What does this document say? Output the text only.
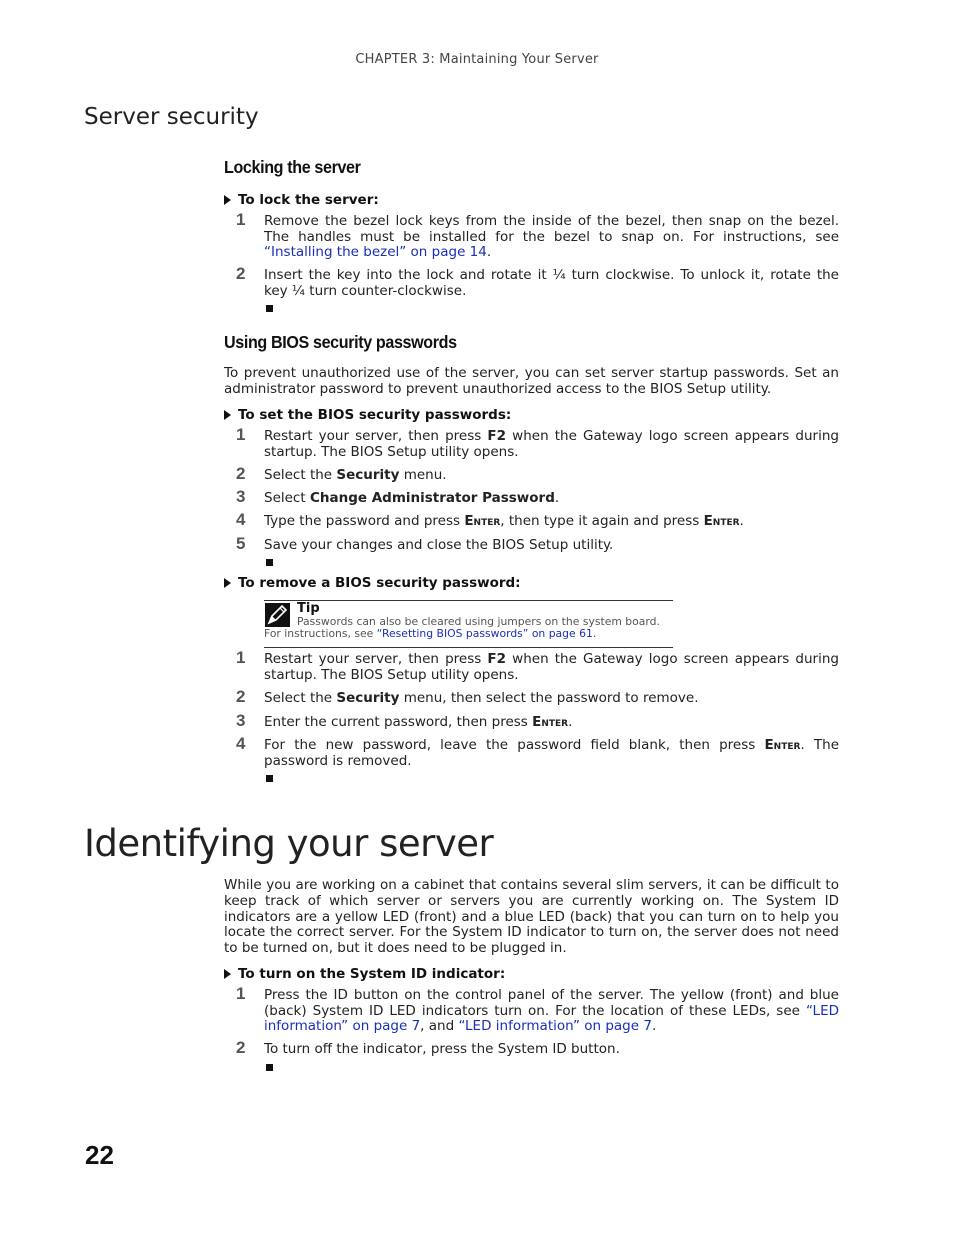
CHAPTER 3: Maintaining Your Server
Server security
Locking the server
To lock the server:
1 Remove the bezel lock keys from the inside of the bezel, then snap on the bezel. The handles must be installed for the bezel to snap on. For instructions, see “Installing the bezel” on page 14.
2 Insert the key into the lock and rotate it ¼ turn clockwise. To unlock it, rotate the key ¼ turn counter-clockwise.
Using BIOS security passwords
To prevent unauthorized use of the server, you can set server startup passwords. Set an administrator password to prevent unauthorized access to the BIOS Setup utility.
To set the BIOS security passwords:
1 Restart your server, then press F2 when the Gateway logo screen appears during startup. The BIOS Setup utility opens.
2 Select the Security menu.
3 Select Change Administrator Password.
4 Type the password and press Enter, then type it again and press Enter.
5 Save your changes and close the BIOS Setup utility.
To remove a BIOS security password:
Tip
Passwords can also be cleared using jumpers on the system board. For instructions, see “Resetting BIOS passwords” on page 61.
1 Restart your server, then press F2 when the Gateway logo screen appears during startup. The BIOS Setup utility opens.
2 Select the Security menu, then select the password to remove.
3 Enter the current password, then press Enter.
4 For the new password, leave the password field blank, then press Enter. The password is removed.
Identifying your server
While you are working on a cabinet that contains several slim servers, it can be difficult to keep track of which server or servers you are currently working on. The System ID indicators are a yellow LED (front) and a blue LED (back) that you can turn on to help you locate the correct server. For the System ID indicator to turn on, the server does not need to be turned on, but it does need to be plugged in.
To turn on the System ID indicator:
1 Press the ID button on the control panel of the server. The yellow (front) and blue (back) System ID LED indicators turn on. For the location of these LEDs, see “LED information” on page 7, and “LED information” on page 7.
2 To turn off the indicator, press the System ID button.
22
